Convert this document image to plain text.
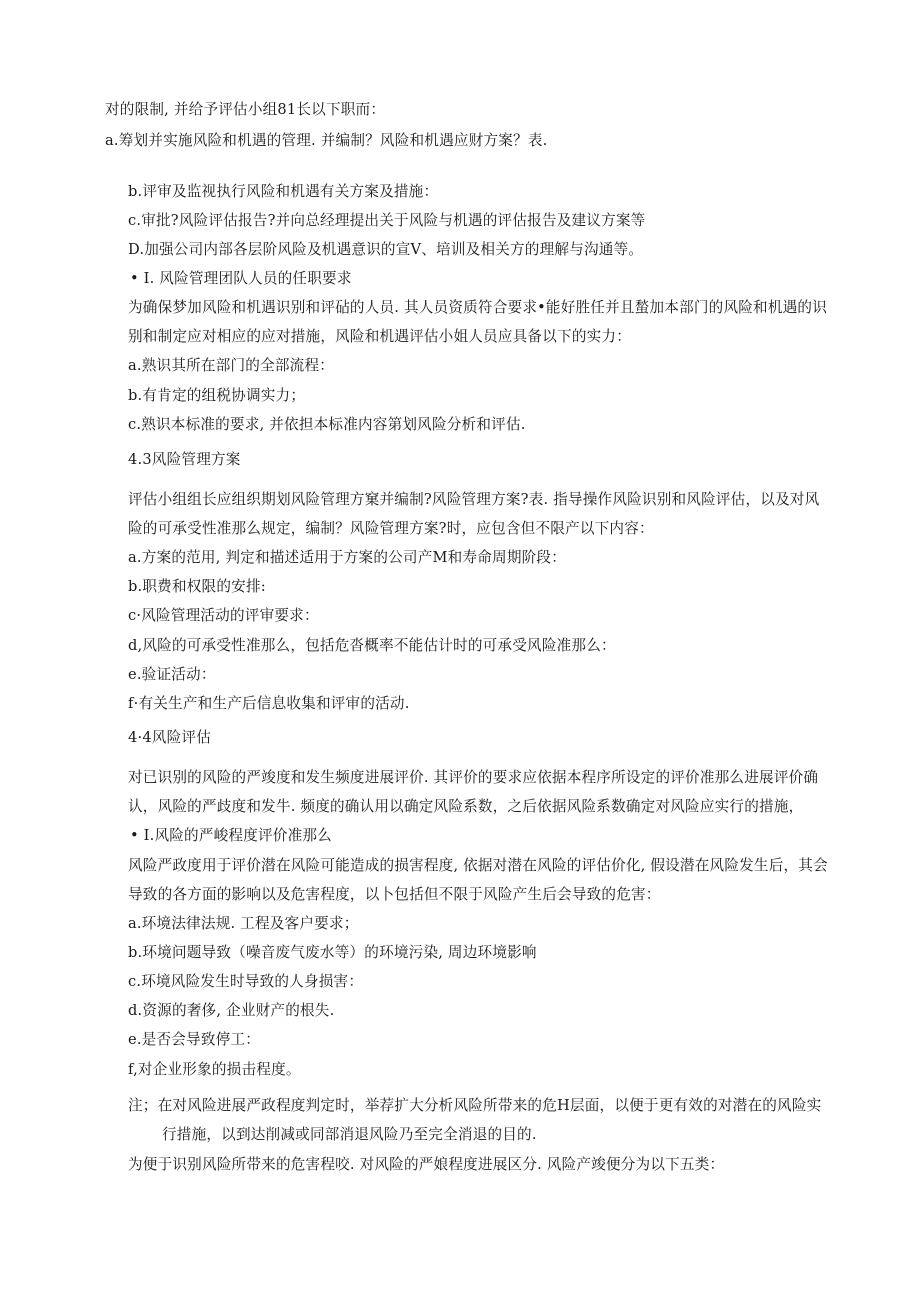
对的限制, 并给予评估小组81长以下职而：
a.筹划并实施风险和机遇的管理. 并编制？风险和机遇应财方案？表.
b.评审及监视执行风险和机遇有关方案及措施：
c.审批?风险评估报告?并向总经理提出关于风险与机遇的评估报告及建议方案等
D.加强公司内部各层阶风险及机遇意识的宣V、培训及相关方的理解与沟通等。
• I. 风险管理团队人员的任职要求
为确保梦加风险和机遇识别和评砧的人员. 其人员资质符合要求•能好胜任并且蝵加本部门的风险和机遇的识
别和制定应对相应的应对措施，风险和机遇评估小姐人员应具备以下的实力：
a.熟识其所在部门的全部流程：
b.有肯定的组税协调实力；
c.熟识本标准的要求, 并依担本标准内容第划风险分析和评估.
4.3风险管理方案
评估小组组长应组织期划风险管理方窠并编制?风险管理方案?表. 指导操作风险识别和风险评估，以及对风
险的可承受性准那么规定，编制？风险管理方案?时，应包含但不限产以下内容：
a.方案的范用, 判定和描述适用于方案的公司产M和寿命周期阶段：
b.职费和权限的安排:
c·风险管理活动的评审要求：
d,风险的可承受性准那么，包括危沓概率不能估计时的可承受风险准那么：
e.验证活动：
f·有关生产和生产后信息收集和评审的活动.
4·4风险评估
对已识别的风险的严竣度和发生频度进展评价. 其评价的要求应依据本程序所设定的评价准那么进展评价确
认，风险的严歧度和发牛. 频度的确认用以确定风险系数，之后依据风险系数确定对风险应实行的措施，
• I.风险的严峻程度评价准那么
风险严政度用于评价潜在风险可能造成的损害程度, 依据对潜在风险的评估价化, 假设潜在风险发生后，其会
导致的各方面的影响以及危害程度，以卜包括但不限于风险产生后会导致的危害：
a.环境法律法规. 工程及客户要求；
b.环境问题导致（噪音废气废水等）的环境污染, 周边环境影响
c.环境风险发生时导致的人身损害：
d.资源的奢侈, 企业财产的根失.
e.是否会导致停工：
f,对企业形象的损击程度。
注；在对风险进展严政程度判定时，举荐扩大分析风险所带来的危H层面，以便于更有效的对潜在的风险实
行措施，以到达削减或同部消退风险乃至完全消退的目的.
为便于识别风险所带来的危害程咬. 对风险的严娘程度进展区分. 风险产竣便分为以下五类：
